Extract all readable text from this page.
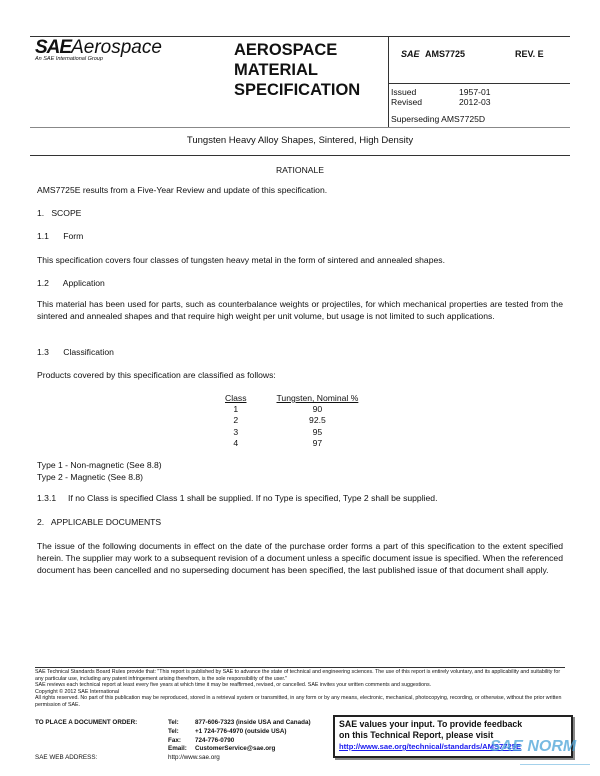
SAEAerospace
An SAE International Group	AEROSPACE
MATERIAL
SPECIFICATION
SAE AMS7725	REV. E
Issued	1957-01
Revised	2012-03
Superseding AMS7725D
Tungsten Heavy Alloy Shapes, Sintered, High Density
RATIONALE
AMS7725E results from a Five-Year Review and update of this specification.
1.   SCOPE
1.1      Form
This specification covers four classes of tungsten heavy metal in the form of sintered and annealed shapes.
1.2      Application
This material has been used for parts, such as counterbalance weights or projectiles, for which mechanical properties are tested from the sintered and annealed shapes and that require high weight per unit volume, but usage is not limited to such applications.
1.3      Classification
Products covered by this specification are classified as follows:
Class	Tungsten, Nominal %
1	90
2	92.5
3	95
4	97
Type 1 - Non-magnetic (See 8.8)
Type 2 - Magnetic (See 8.8)
1.3.1     If no Class is specified Class 1 shall be supplied. If no Type is specified, Type 2 shall be supplied.
2.   APPLICABLE DOCUMENTS
The issue of the following documents in effect on the date of the purchase order forms a part of this specification to the extent specified herein. The supplier may work to a subsequent revision of a document unless a specific document issue is specified. When the referenced document has been cancelled and no superseding document has been specified, the last published issue of that document shall apply.
SAE Technical Standards Board Rules provide that: "This report is published by SAE to advance the state of technical and engineering sciences. The use of this report is entirely voluntary, and its applicability and suitability for any particular use, including any patent infringement arising therefrom, is the sole responsibility of the user."
SAE reviews each technical report at least every five years at which time it may be reaffirmed, revised, or cancelled. SAE invites your written comments and suggestions.
Copyright © 2012 SAE International
All rights reserved. No part of this publication may be reproduced, stored in a retrieval system or transmitted, in any form or by any means, electronic, mechanical, photocopying, recording, or otherwise, without the prior written permission of SAE.
TO PLACE A DOCUMENT ORDER:	Tel:	877-606-7323 (inside USA and Canada)
Tel:	+1 724-776-4970 (outside USA)
Fax: 724-776-0790
Email: CustomerService@sae.org
SAE WEB ADDRESS:	http://www.sae.org
SAE values your input. To provide feedback
on this Technical Report, please visit
http://www.sae.org/technical/standards/AMS7725E
SAE NORM
